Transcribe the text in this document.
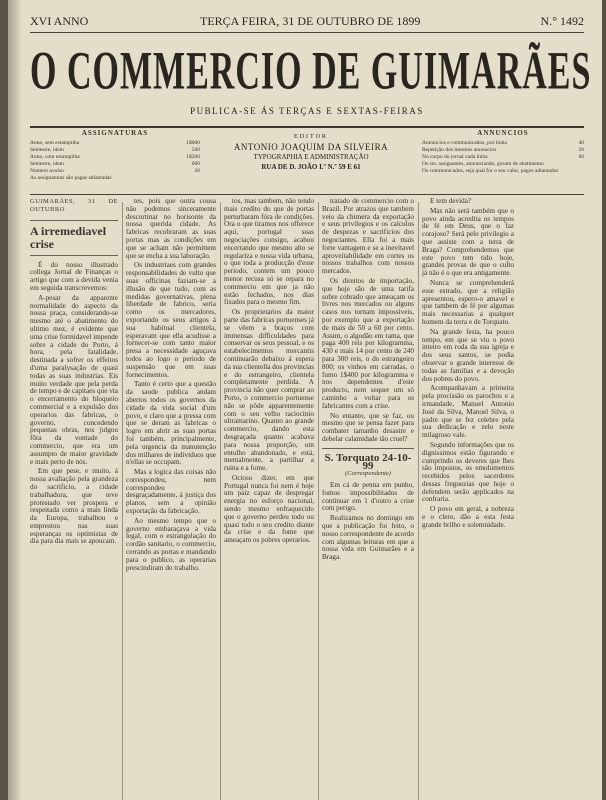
XVI ANNO	TERÇA FEIRA, 31 DE OUTUBRO DE 1899	N.° 1492
O COMMERCIO DE GUIMARÃES
PUBLICA-SE ÁS TERÇAS E SEXTAS-FEIRAS
ASSIGNATURAS
Anno, sem estampilha	1$000
Semestre, idem	500
Anno, com estampilha	1$200
Semestre, idem	600
Numero avulso	20
As assignaturas são pagas adiantadas
EDITOR
ANTONIO JOAQUIM DA SILVEIRA
TYPOGRAPHIA E ADMINISTRAÇÃO
RUA DE D. JOÃO I.º N.º 59 E 61
ANNUNCIOS
Annuncios e communicados, por linha	40
Repetição dos mesmos annuncios	20
No corpo do jornal cada linha	60
Os srs. assignantes, annunciando, gosam de abatimento
Os communicados, seja qual for o seu valor, pagos adiantados
GUIMARÃES, 31 DE OUTUBRO
A irremediavel crise

É do nosso illustrado collega Jornal de Finanças o artigo que com a devida venia em seguida transcrevemos:

A-pesar da apparente normalidade do aspecto da nossa praça, considerando-se mesmo até o abatimento do ultimo mez, é evidente que uma crise formidavel impende sobre a cidade do Porto, á hora, pela fatalidade, destinada a sofrer os effeitos d'uma paralysação de quasi todas as suas industrias. Eis muito verdade que pela perda de tempo e de capitaes que via o encerramento do bloqueio commercial e a expulsão dos operarios das fabricas, o governo, concedendo pequenas obras, nos julgou fôra da vontade do commercio, que era um assumpto de maior gravidade e mais perto de nós.

Em que pese, e muito, á nossa avaliação pela grandeza do sacrificio, a cidade trabalhadora, que teve protestado ver prospera e respeitada como a mais linda da Europa, trabalhou e emprestou nas suas esperanças os optimistas de dia para dia mais se apoucam.

tes, pois que outra cousa não podemos sinceramente descortinar no horisonte da nossa querida cidade. As fabricas recobraram as suas portas mas as condições em que se acham não permittem que se encha a sua laboração.

Os industriaes com grandes responsabilidades de vulto que suas officinas faziam-se a illusão de que tudo, com as medidas governativas, plena liberdade de fabrico, seria como os mercadores, exportando os seus artigos á sua habitual clientela, esperavam que ella acudisse a fornecer-se com tanto maior presa a necessidade aguçava todos ao logo o periodo de suspensão que em suas fornecimentos.

Tanto é certo que a questão da saude publica andam abertos todos os governos da cidade da vida social d'um povo, e claro que a pressa com que se deram as fabricas o logro em abrir as suas portas foi também, principalmente, pela urgencia da manutenção dos milhares de individuos que n'ellas se occupam.

Mas a logica das coisas não correspondeu, nem correspondeu desgraçadamente, á justiça dos planos, sem a opinião exportação da fabricação.

Ao mesmo tempo que o governo embaraçava a vida legal, com o estrangulação do cordão sanitario, o commercio, cerrando as portas e mandando para o publico, as operarias prescindiram do trabalho.

tos, mas tambem, não tendo mais credito do que de portas perturbaram fóra de condições. Ora o que tiramos nos offerece aqui, portugal suas negociações consigo, acabou encerrando que mesmo alto se regulariza e nossa vida urbana, o que toda a producção d'esse periodo, contem um pouco menor recusa só se repara no commercio em que ja não estão fechados, nos dias fixados para o mesmo fim.

Os proprietarios da maior parte das fabricas portuenses já se vêem a braços com immensas difficuldades para conservar os seus pessoal, e os estabelecimentos mercantis continuarão debaixo á espera da sua clientella dos provincias e do estrangeiro, clientela completamente perdida. A provincia não quer comprar ao Porto, o commercio portuense não se pôde apparentemente com o seu velho raciocinio ultramarino. Quanto ao grande commercio, dando esta desgraçada quanto acabava para nossa proporção, um entulho abandonado, e está, mentalmente, a partilhar a ruina e a fome.

Ocioso dizer, em que Portugal nunca foi nem é hoje um paiz capaz de despregar energia no esforço nacional, sendo mesmo enfraquecido que o governo perdeu todo ou quasi todo o seu credito diante da crise e da fome que ameaçam os pobres operarios.

tratado de commercio com o Brazil. Por atrazos que tambem veio da chimera da exportação e seus privilegios e os calculos de despezas e sacrificios dos negociantes. Ella foi a mais forte vantagem e se a inevitavel aproveitabilidade em cortes os nossos trabalhos com nossos mercados.

Os direitos de importação, que hoje são de uma tarifa sobre cobrado que ameaçam os livres nos mercados ou alguns casos nos tornam impossiveis, por exemplo que a exportação de mais de 50 a 60 por cento. Assim, o algodão em rama, que paga 400 reis por kilogramma, 430 e mais 14 por cento de 240 para 300 reis, o do estrangeiro 800; os vinhos em carradas, o fumo 1$400 por kilogramma e nos dependentes d'este producto, nem sequer um só caminho a voltar para os fabricantes com a crise.

No entanto, que se faz, ou mesmo que se pensa fazer para combater tamanho desastre e debelar calamidade tão cruel?

S. Torquato 24-10-99
(Correspondente)

Em cá de penna em punho, fomos impossibilitados de continuar em 1 d'outro a crise com perigo.

Realizamos no domingo em que a publicação foi feito, o nosso correspondente de acordo com algumas leituras em que a nossa vida em Guimarães e a Braga.

E tem devida?

Mas não será também que o povo ainda acredita os tempos de fé em Deus, que o faz corajoso? Será pelo privilegio a que assiste com a terra de Braga? Comprehendemos que este povo tem tido hoje, grandes provas de que o culto já não é o que era antigamente.

Nunca se comprehenderá esse estrado, que a religião apresentou, espero-o amavel e que tambem de fé por algumas mais necessarias a qualquer homem da terra e de Torquato.

Na grande festa, ha pouco tempo, em que se viu o povo inteiro em roda da sua igreja e dos seus santos, se podia observar o grande interesse de todas as familias e a devoção dos pobres do povo.

Acompanhavam a primeira pela procissão os parochos e a irmandade, Manuel Antonio José da Silva, Manoel Silva, o padre que se fez celebre pela sua dedicação e zelo neste milagroso vale.

Segundo informações que os dignissimos estão figurando e cumprindo os deveres que lhes são impostos, os emolumentos recebidos pelos sacerdotes dessas freguezias que hoje o defendem serão applicados na confraria.

O povo em geral, a nobreza e o clero, dão a esta festa grande brilho e solemnidade.
